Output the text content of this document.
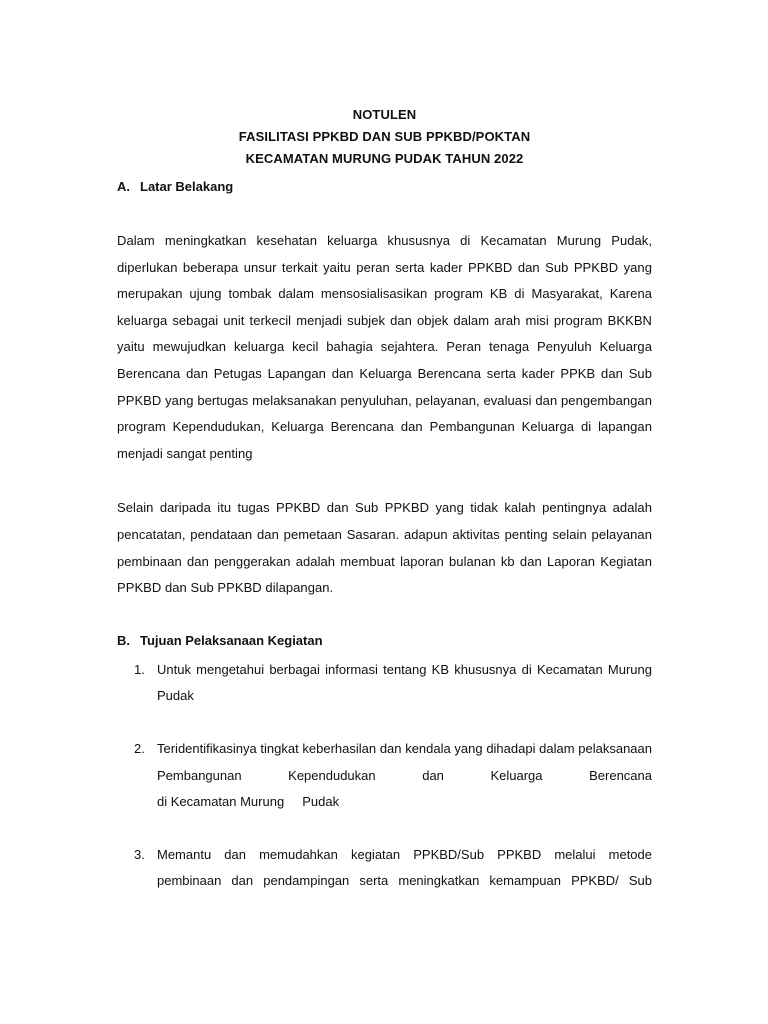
NOTULEN
FASILITASI PPKBD DAN SUB PPKBD/POKTAN
KECAMATAN MURUNG PUDAK TAHUN 2022
A. Latar Belakang

Dalam meningkatkan kesehatan keluarga khususnya di Kecamatan Murung Pudak, diperlukan beberapa unsur terkait yaitu peran serta kader PPKBD dan Sub PPKBD yang merupakan ujung tombak dalam mensosialisasikan program KB di Masyarakat, Karena keluarga sebagai unit terkecil menjadi subjek dan objek dalam arah misi program BKKBN yaitu mewujudkan keluarga kecil bahagia sejahtera. Peran tenaga Penyuluh Keluarga Berencana dan Petugas Lapangan dan Keluarga Berencana serta kader PPKB dan Sub PPKBD yang bertugas melaksanakan penyuluhan, pelayanan, evaluasi dan pengembangan program Kependudukan, Keluarga Berencana dan Pembangunan Keluarga di lapangan menjadi sangat penting

Selain daripada itu tugas PPKBD dan Sub PPKBD yang tidak kalah pentingnya adalah pencatatan, pendataan dan pemetaan Sasaran. adapun aktivitas penting selain pelayanan pembinaan dan penggerakan adalah membuat laporan bulanan kb dan Laporan Kegiatan PPKBD dan Sub PPKBD dilapangan.

B. Tujuan Pelaksanaan Kegiatan
1. Untuk mengetahui berbagai informasi tentang KB khususnya di Kecamatan Murung Pudak
2. Teridentifikasinya tingkat keberhasilan dan kendala yang dihadapi dalam pelaksanaan Pembangunan Kependudukan dan Keluarga Berencana
di Kecamatan Murung     Pudak
3. Memantu dan memudahkan kegiatan PPKBD/Sub PPKBD melalui metode pembinaan dan pendampingan serta meningkatkan kemampuan PPKBD/ Sub
